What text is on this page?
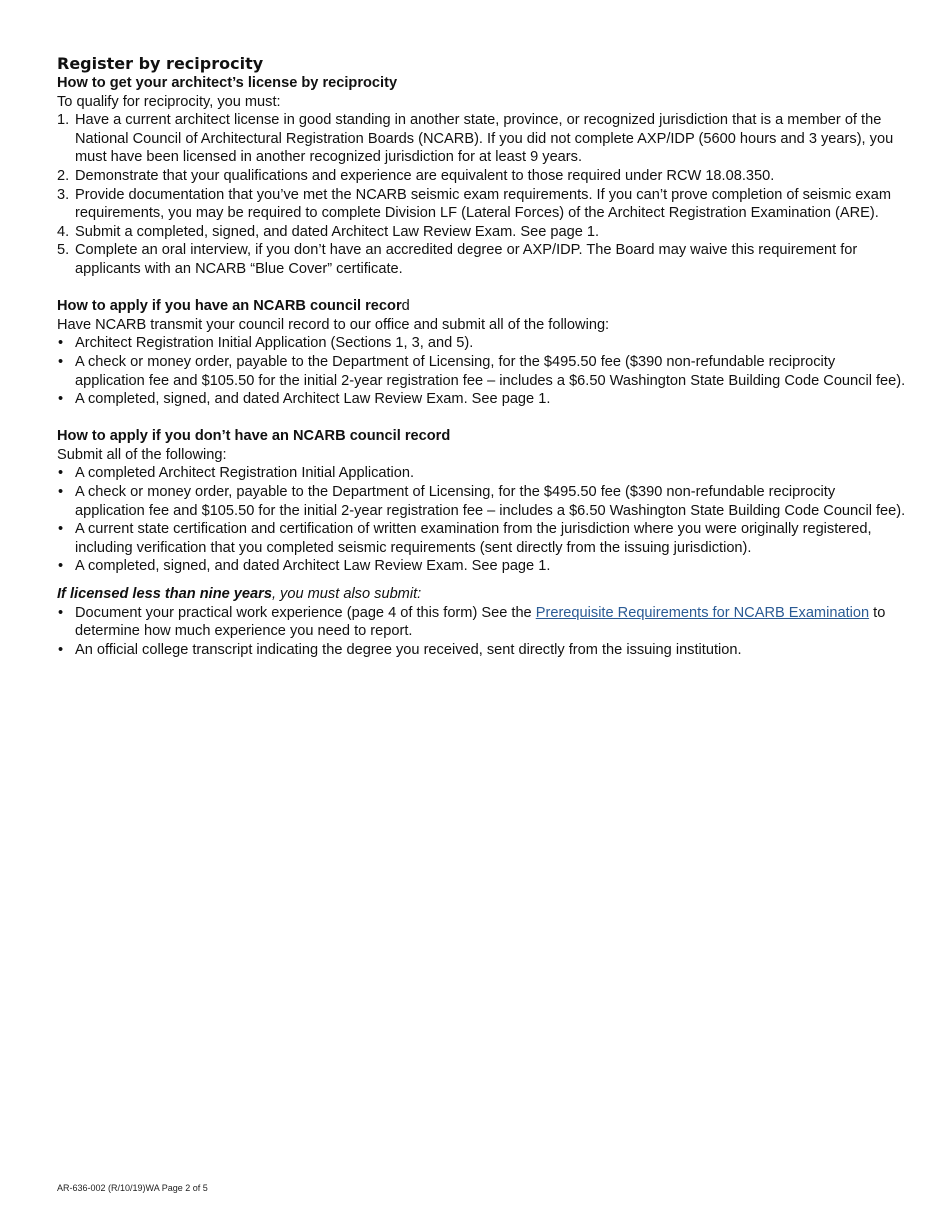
Register by reciprocity

How to get your architect’s license by reciprocity

To qualify for reciprocity, you must:

1. Have a current architect license in good standing in another state, province, or recognized jurisdiction that is a member of the National Council of Architectural Registration Boards (NCARB). If you did not complete AXP/IDP (5600 hours and 3 years), you must have been licensed in another recognized jurisdiction for at least 9 years.
2. Demonstrate that your qualifications and experience are equivalent to those required under RCW 18.08.350.
3. Provide documentation that you’ve met the NCARB seismic exam requirements. If you can’t prove completion of seismic exam requirements, you may be required to complete Division LF (Lateral Forces) of the Architect Registration Examination (ARE).
4. Submit a completed, signed, and dated Architect Law Review Exam. See page 1.
5. Complete an oral interview, if you don’t have an accredited degree or AXP/IDP. The Board may waive this requirement for applicants with an NCARB “Blue Cover” certificate.

How to apply if you have an NCARB council record

Have NCARB transmit your council record to our office and submit all of the following:

• Architect Registration Initial Application (Sections 1, 3, and 5).
• A check or money order, payable to the Department of Licensing, for the $495.50 fee ($390 non-refundable reciprocity application fee and $105.50 for the initial 2-year registration fee – includes a $6.50 Washington State Building Code Council fee).
• A completed, signed, and dated Architect Law Review Exam. See page 1.

How to apply if you don’t have an NCARB council record

Submit all of the following:

• A completed Architect Registration Initial Application.
• A check or money order, payable to the Department of Licensing, for the $495.50 fee ($390 non-refundable reciprocity application fee and $105.50 for the initial 2-year registration fee – includes a $6.50 Washington State Building Code Council fee).
• A current state certification and certification of written examination from the jurisdiction where you were originally registered, including verification that you completed seismic requirements (sent directly from the issuing jurisdiction).
• A completed, signed, and dated Architect Law Review Exam. See page 1.

If licensed less than nine years, you must also submit:

• Document your practical work experience (page 4 of this form) See the Prerequisite Requirements for NCARB Examination to determine how much experience you need to report.
• An official college transcript indicating the degree you received, sent directly from the issuing institution.
AR-636-002 (R/10/19)WA Page 2 of 5
